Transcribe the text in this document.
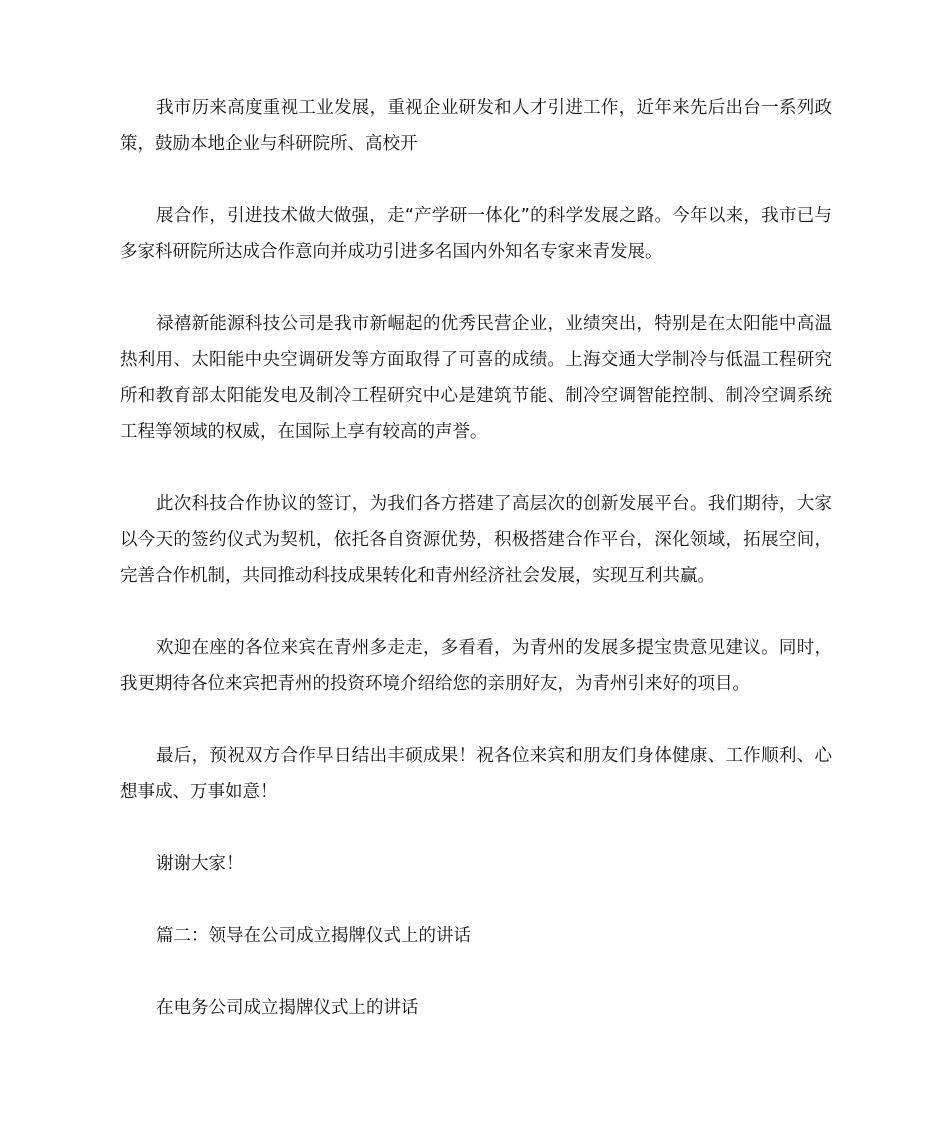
我市历来高度重视工业发展，重视企业研发和人才引进工作，近年来先后出台一系列政策，鼓励本地企业与科研院所、高校开

展合作，引进技术做大做强，走“产学研一体化”的科学发展之路。今年以来，我市已与多家科研院所达成合作意向并成功引进多名国内外知名专家来青发展。

禄禧新能源科技公司是我市新崛起的优秀民营企业，业绩突出，特别是在太阳能中高温热利用、太阳能中央空调研发等方面取得了可喜的成绩。上海交通大学制冷与低温工程研究所和教育部太阳能发电及制冷工程研究中心是建筑节能、制冷空调智能控制、制冷空调系统工程等领域的权威，在国际上享有较高的声誉。

此次科技合作协议的签订，为我们各方搭建了高层次的创新发展平台。我们期待，大家以今天的签约仪式为契机，依托各自资源优势，积极搭建合作平台，深化领域，拓展空间，完善合作机制，共同推动科技成果转化和青州经济社会发展，实现互利共赢。

欢迎在座的各位来宾在青州多走走，多看看，为青州的发展多提宝贵意见建议。同时，我更期待各位来宾把青州的投资环境介绍给您的亲朋好友，为青州引来好的项目。

最后，预祝双方合作早日结出丰硕成果！祝各位来宾和朋友们身体健康、工作顺利、心想事成、万事如意！

谢谢大家！

篇二：领导在公司成立揭牌仪式上的讲话

在电务公司成立揭牌仪式上的讲话
